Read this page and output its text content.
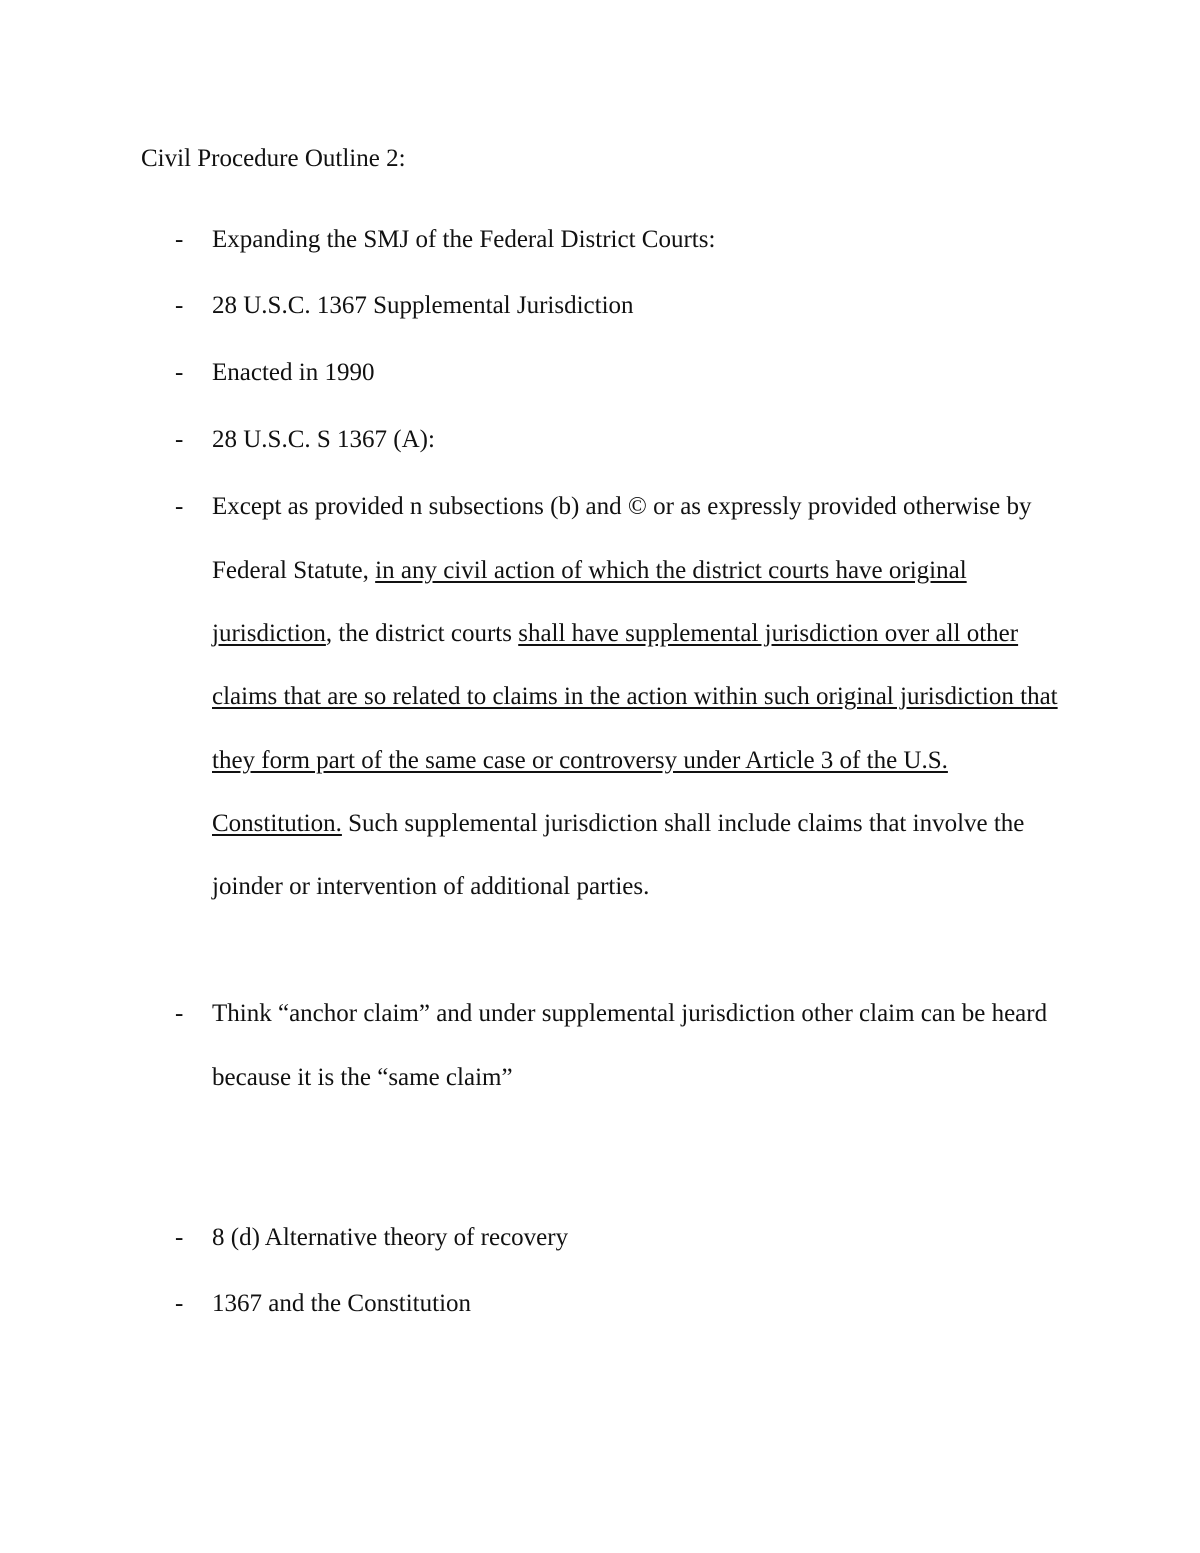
Civil Procedure Outline 2:
- Expanding the SMJ of the Federal District Courts:
- 28 U.S.C. 1367 Supplemental Jurisdiction
- Enacted in 1990
- 28 U.S.C. S 1367 (A):
- Except as provided n subsections (b) and © or as expressly provided otherwise by Federal Statute, in any civil action of which the district courts have original jurisdiction, the district courts shall have supplemental jurisdiction over all other claims that are so related to claims in the action within such original jurisdiction that they form part of the same case or controversy under Article 3 of the U.S. Constitution. Such supplemental jurisdiction shall include claims that involve the joinder or intervention of additional parties.
- Think “anchor claim” and under supplemental jurisdiction other claim can be heard because it is the “same claim”
- 8 (d) Alternative theory of recovery
- 1367 and the Constitution
